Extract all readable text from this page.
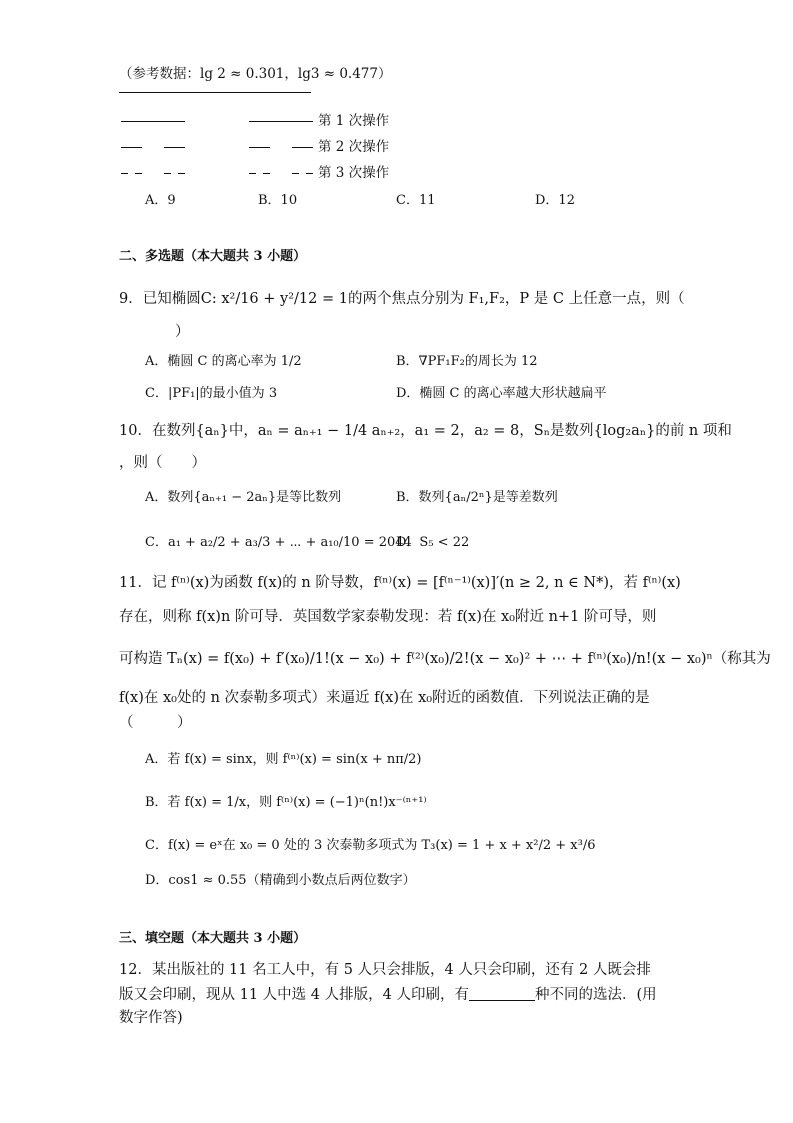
（参考数据：lg 2 ≈ 0.301，lg3 ≈ 0.477）
第 1 次操作
第 2 次操作
第 3 次操作
A．9	B．10	C．11	D．12
二、多选题（本大题共 3 小题）
9．已知椭圆C: x²/16 + y²/12 = 1的两个焦点分别为 F₁,F₂，P 是 C 上任意一点，则（
）
A．椭圆 C 的离心率为 1/2	B．∇PF₁F₂的周长为 12
C．|PF₁|的最小值为 3	D．椭圆 C 的离心率越大形状越扁平
10．在数列{aₙ}中，aₙ = aₙ₊₁ − 1/4 aₙ₊₂，a₁ = 2，a₂ = 8，Sₙ是数列{log₂aₙ}的前 n 项和
，则（　　）
A．数列{aₙ₊₁ − 2aₙ}是等比数列	B．数列{aₙ/2ⁿ}是等差数列
C．a₁ + a₂/2 + a₃/3 + ⋯ + a₁₀/10 = 2044
D．S₅ < 22
11．记 f⁽ⁿ⁾(x)为函数 f(x)的 n 阶导数，f⁽ⁿ⁾(x) = [f⁽ⁿ⁻¹⁾(x)]′(n ≥ 2, n ∈ N*)，若 f⁽ⁿ⁾(x)
存在，则称 f(x)n 阶可导．英国数学家泰勒发现：若 f(x)在 x₀附近 n+1 阶可导，则
可构造 Tₙ(x) = f(x₀) + f′(x₀)/1!(x − x₀) + f⁽²⁾(x₀)/2!(x − x₀)² + ⋯ + f⁽ⁿ⁾(x₀)/n!(x − x₀)ⁿ（称其为
f(x)在 x₀处的 n 次泰勒多项式）来逼近 f(x)在 x₀附近的函数值．下列说法正确的是
（　　　）
A．若 f(x) = sinx，则 f⁽ⁿ⁾(x) = sin(x + nπ/2)
B．若 f(x) = 1/x，则 f⁽ⁿ⁾(x) = (−1)ⁿ(n!)x⁻⁽ⁿ⁺¹⁾
C．f(x) = eˣ在 x₀ = 0 处的 3 次泰勒多项式为 T₃(x) = 1 + x + x²/2 + x³/6
D．cos1 ≈ 0.55（精确到小数点后两位数字）
三、填空题（本大题共 3 小题）
12．某出版社的 11 名工人中，有 5 人只会排版，4 人只会印刷，还有 2 人既会排
版又会印刷，现从 11 人中选 4 人排版，4 人印刷，有	种不同的选法．(用
数字作答)
